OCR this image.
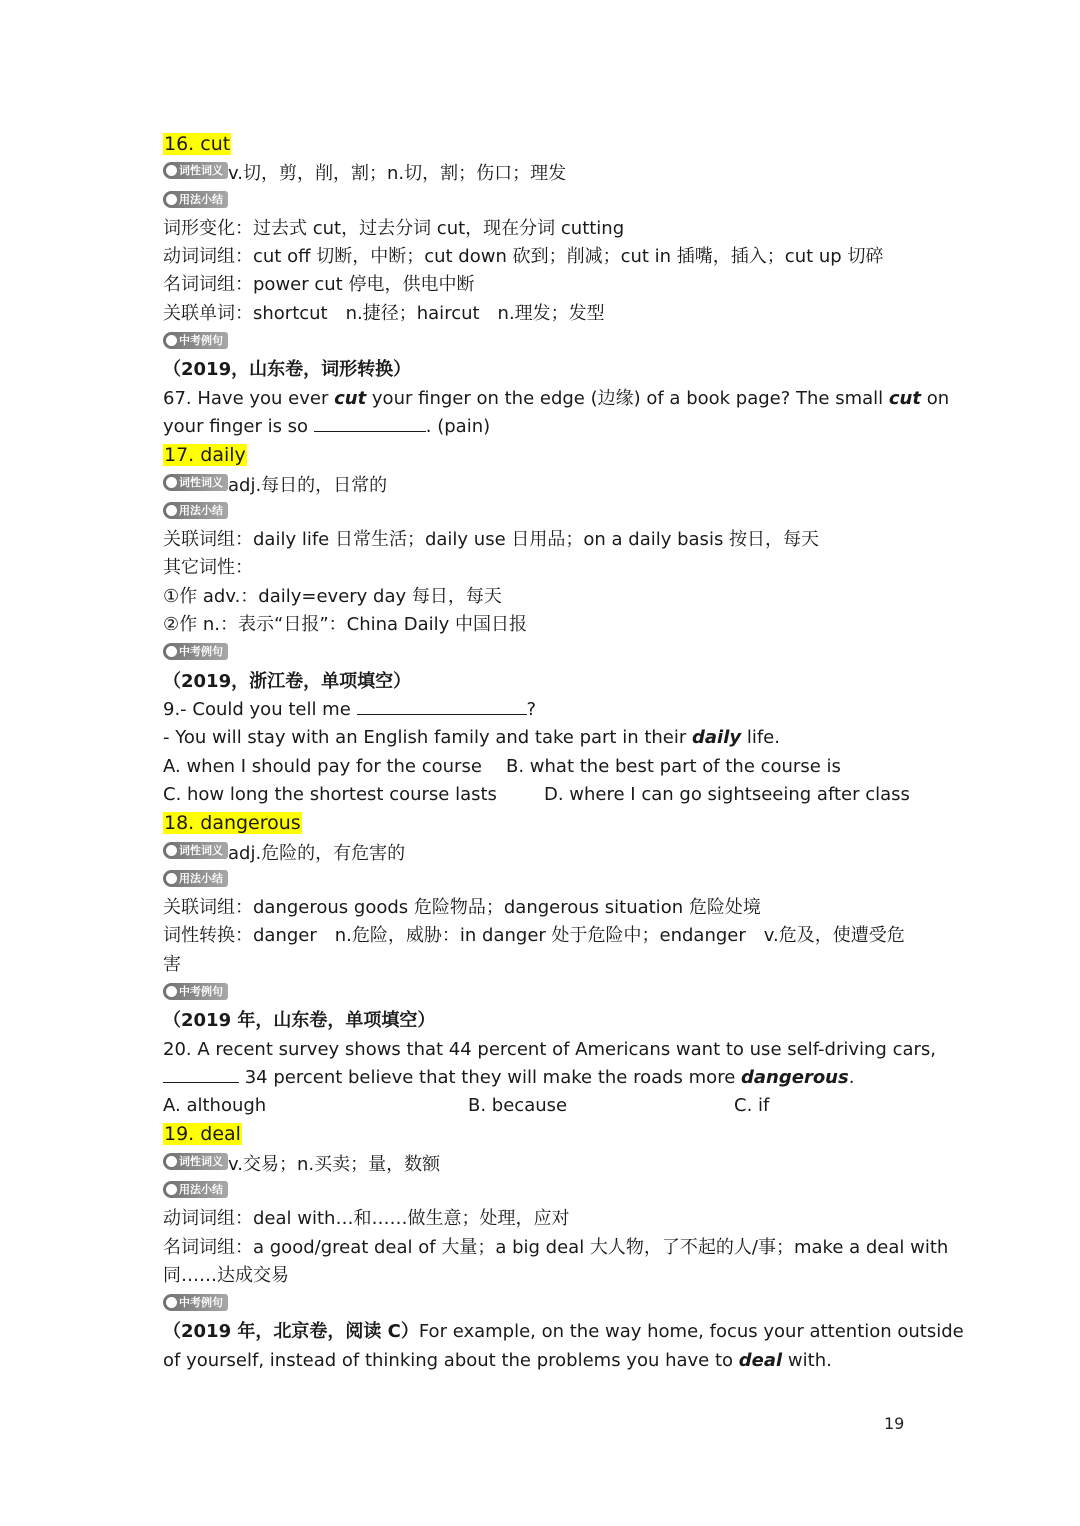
16. cut
词性词义 v.切，剪，削，割；n.切，割；伤口；理发
用法小结
词形变化：过去式 cut，过去分词 cut，现在分词 cutting
动词词组：cut off 切断，中断；cut down 砍到；削减；cut in 插嘴，插入；cut up 切碎
名词词组：power cut 停电，供电中断
关联单词：shortcut　n.捷径；haircut　n.理发；发型
中考例句
（2019，山东卷，词形转换）
67. Have you ever cut your finger on the edge (边缘) of a book page? The small cut on
your finger is so	. (pain)
17. daily
词性词义 adj.每日的，日常的
用法小结
关联词组：daily life 日常生活；daily use 日用品；on a daily basis 按日，每天
其它词性：
①作 adv.：daily=every day 每日，每天
②作 n.：表示“日报”：China Daily 中国日报
中考例句
（2019，浙江卷，单项填空）
9.- Could you tell me	?
- You will stay with an English family and take part in their daily life.
A. when I should pay for the course B. what the best part of the course is
C. how long the shortest course lasts	D. where I can go sightseeing after class
18. dangerous
词性词义 adj.危险的，有危害的
用法小结
关联词组：dangerous goods 危险物品；dangerous situation 危险处境
词性转换：danger　n.危险，威胁：in danger 处于危险中；endanger　v.危及，使遭受危
害
中考例句
（2019 年，山东卷，单项填空）
20. A recent survey shows that 44 percent of Americans want to use self-driving cars,
34 percent believe that they will make the roads more dangerous.
A. although	B. because	C. if
19. deal
词性词义 v.交易；n.买卖；量，数额
用法小结
动词词组：deal with…和……做生意；处理，应对
名词词组：a good/great deal of 大量；a big deal 大人物，了不起的人/事；make a deal with
同……达成交易
中考例句
（2019 年，北京卷，阅读 C）For example, on the way home, focus your attention outside
of yourself, instead of thinking about the problems you have to deal with.
19
